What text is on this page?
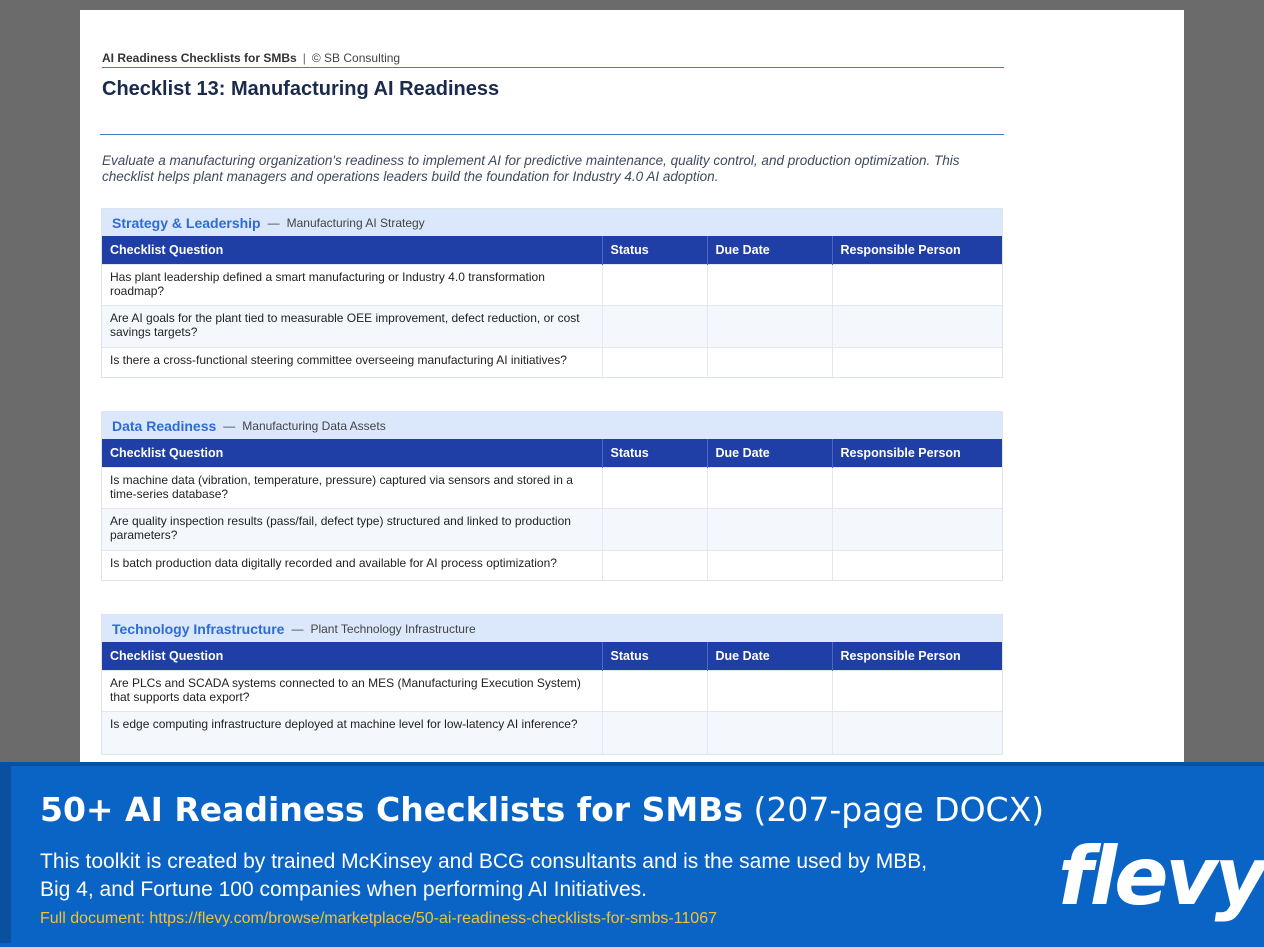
AI Readiness Checklists for SMBs | © SB Consulting
Checklist 13: Manufacturing AI Readiness
Evaluate a manufacturing organization's readiness to implement AI for predictive maintenance, quality control, and production optimization. This checklist helps plant managers and operations leaders build the foundation for Industry 4.0 AI adoption.
Strategy & Leadership — Manufacturing AI Strategy
Checklist Question	Status	Due Date	Responsible Person
Has plant leadership defined a smart manufacturing or Industry 4.0 transformation roadmap?			
Are AI goals for the plant tied to measurable OEE improvement, defect reduction, or cost savings targets?			
Is there a cross-functional steering committee overseeing manufacturing AI initiatives?			
Data Readiness — Manufacturing Data Assets
Checklist Question	Status	Due Date	Responsible Person
Is machine data (vibration, temperature, pressure) captured via sensors and stored in a time-series database?			
Are quality inspection results (pass/fail, defect type) structured and linked to production parameters?			
Is batch production data digitally recorded and available for AI process optimization?			
Technology Infrastructure — Plant Technology Infrastructure
Checklist Question	Status	Due Date	Responsible Person
Are PLCs and SCADA systems connected to an MES (Manufacturing Execution System) that supports data export?			
Is edge computing infrastructure deployed at machine level for low-latency AI inference?			
50+ AI Readiness Checklists for SMBs (207-page DOCX)
This toolkit is created by trained McKinsey and BCG consultants and is the same used by MBB,
Big 4, and Fortune 100 companies when performing AI Initiatives.
Full document: https://flevy.com/browse/marketplace/50-ai-readiness-checklists-for-smbs-11067	flevy
